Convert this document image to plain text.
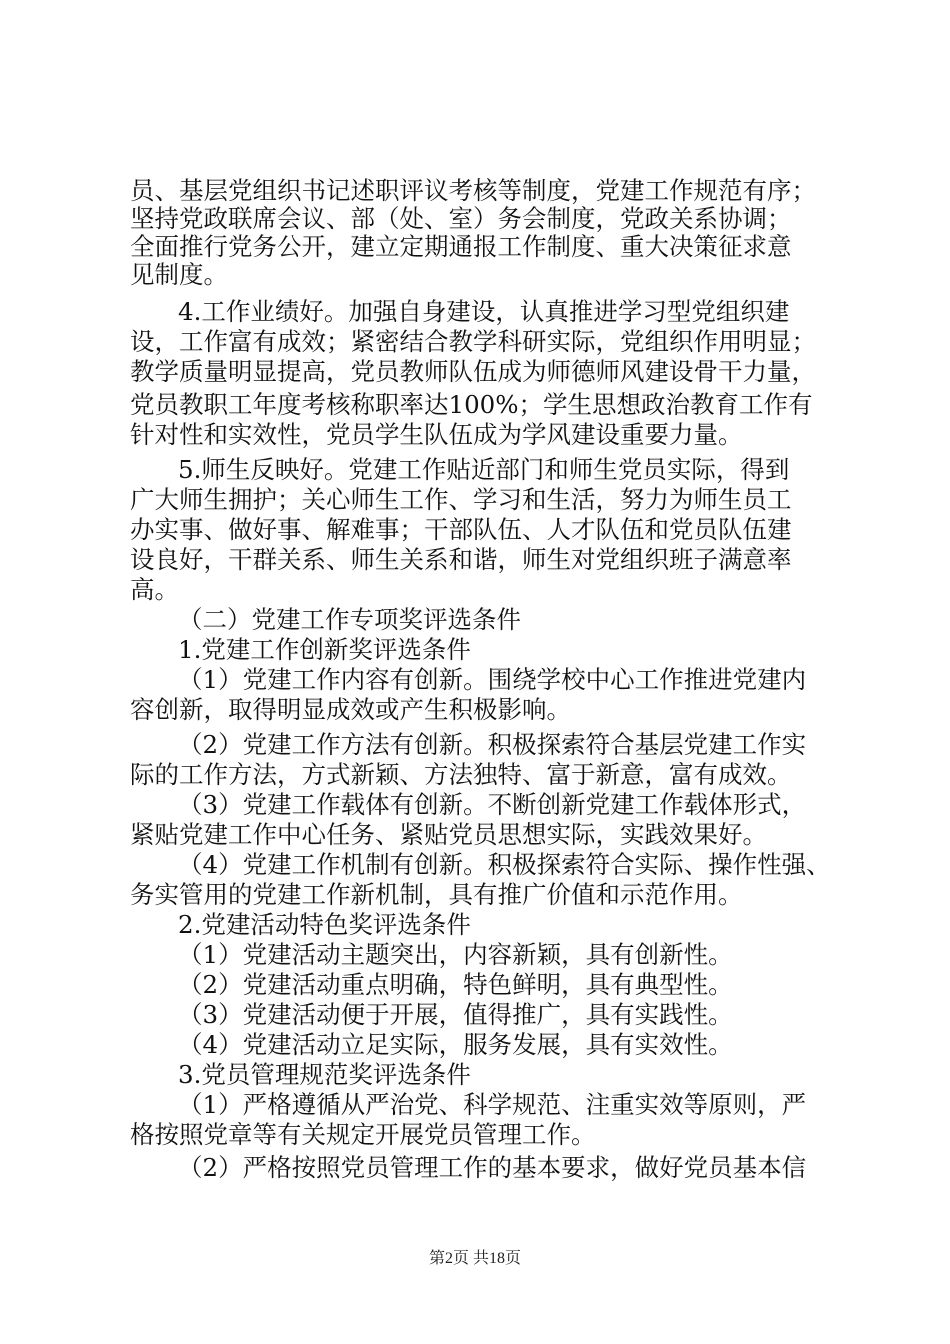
员、基层党组织书记述职评议考核等制度，党建工作规范有序；
坚持党政联席会议、部（处、室）务会制度，党政关系协调；
全面推行党务公开，建立定期通报工作制度、重大决策征求意
见制度。
4.工作业绩好。加强自身建设，认真推进学习型党组织建
设，工作富有成效；紧密结合教学科研实际，党组织作用明显；
教学质量明显提高，党员教师队伍成为师德师风建设骨干力量，
党员教职工年度考核称职率达100%；学生思想政治教育工作有
针对性和实效性，党员学生队伍成为学风建设重要力量。
5.师生反映好。党建工作贴近部门和师生党员实际，得到
广大师生拥护；关心师生工作、学习和生活，努力为师生员工
办实事、做好事、解难事；干部队伍、人才队伍和党员队伍建
设良好，干群关系、师生关系和谐，师生对党组织班子满意率
高。
（二）党建工作专项奖评选条件
1.党建工作创新奖评选条件
（1）党建工作内容有创新。围绕学校中心工作推进党建内
容创新，取得明显成效或产生积极影响。
（2）党建工作方法有创新。积极探索符合基层党建工作实
际的工作方法，方式新颖、方法独特、富于新意，富有成效。
（3）党建工作载体有创新。不断创新党建工作载体形式，
紧贴党建工作中心任务、紧贴党员思想实际，实践效果好。
（4）党建工作机制有创新。积极探索符合实际、操作性强、
务实管用的党建工作新机制，具有推广价值和示范作用。
2.党建活动特色奖评选条件
（1）党建活动主题突出，内容新颖，具有创新性。
（2）党建活动重点明确，特色鲜明，具有典型性。
（3）党建活动便于开展，值得推广，具有实践性。
（4）党建活动立足实际，服务发展，具有实效性。
3.党员管理规范奖评选条件
（1）严格遵循从严治党、科学规范、注重实效等原则，严
格按照党章等有关规定开展党员管理工作。
（2）严格按照党员管理工作的基本要求，做好党员基本信
第2页 共18页
